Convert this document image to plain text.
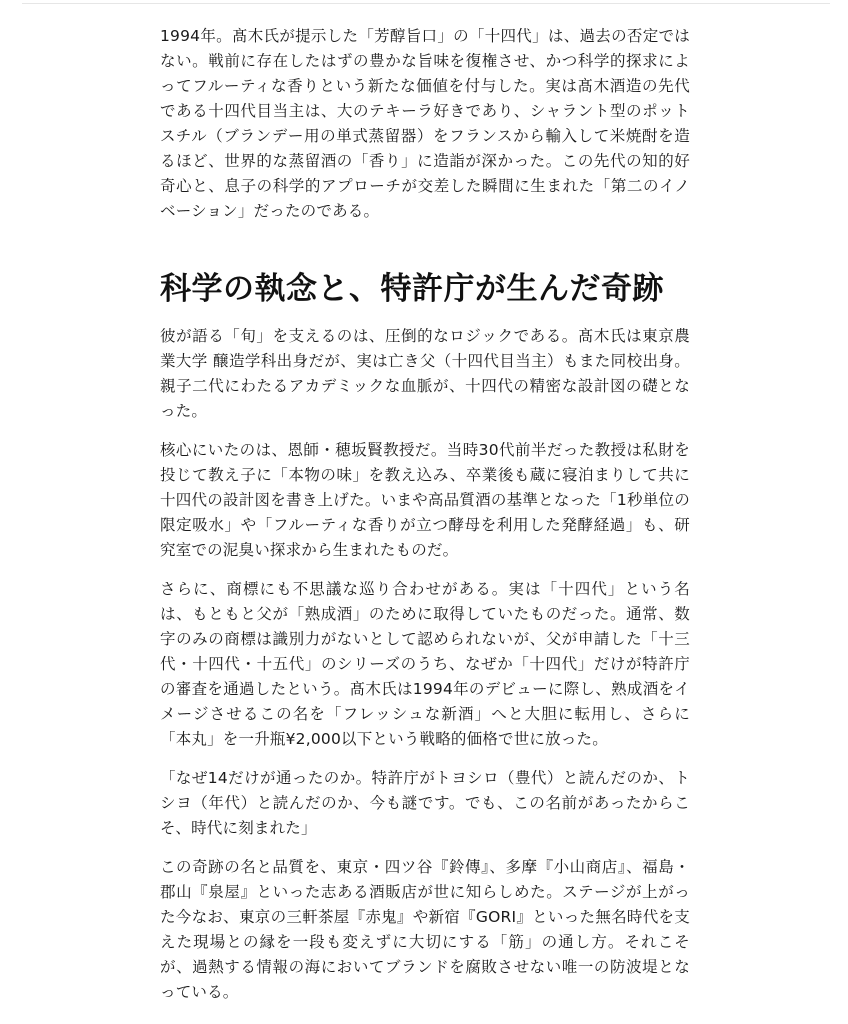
1994年。髙木氏が提示した「芳醇旨口」の「十四代」は、過去の否定ではない。戦前に存在したはずの豊かな旨味を復権させ、かつ科学的探求によってフルーティな香りという新たな価値を付与した。実は髙木酒造の先代である十四代目当主は、大のテキーラ好きであり、シャラント型のポットスチル（ブランデー用の単式蒸留器）をフランスから輸入して米焼酎を造るほど、世界的な蒸留酒の「香り」に造詣が深かった。この先代の知的好奇心と、息子の科学的アプローチが交差した瞬間に生まれた「第二のイノベーション」だったのである。

科学の執念と、特許庁が生んだ奇跡

彼が語る「旬」を支えるのは、圧倒的なロジックである。髙木氏は東京農業大学 醸造学科出身だが、実は亡き父（十四代目当主）もまた同校出身。親子二代にわたるアカデミックな血脈が、十四代の精密な設計図の礎となった。

核心にいたのは、恩師・穂坂賢教授だ。当時30代前半だった教授は私財を投じて教え子に「本物の味」を教え込み、卒業後も蔵に寝泊まりして共に十四代の設計図を書き上げた。いまや高品質酒の基準となった「1秒単位の限定吸水」や「フルーティな香りが立つ酵母を利用した発酵経過」も、研究室での泥臭い探求から生まれたものだ。

さらに、商標にも不思議な巡り合わせがある。実は「十四代」という名は、もともと父が「熟成酒」のために取得していたものだった。通常、数字のみの商標は識別力がないとして認められないが、父が申請した「十三代・十四代・十五代」のシリーズのうち、なぜか「十四代」だけが特許庁の審査を通過したという。髙木氏は1994年のデビューに際し、熟成酒をイメージさせるこの名を「フレッシュな新酒」へと大胆に転用し、さらに「本丸」を一升瓶¥2,000以下という戦略的価格で世に放った。

「なぜ14だけが通ったのか。特許庁がトヨシロ（豊代）と読んだのか、トシヨ（年代）と読んだのか、今も謎です。でも、この名前があったからこそ、時代に刻まれた」

この奇跡の名と品質を、東京・四ツ谷『鈴傳』、多摩『小山商店』、福島・郡山『泉屋』といった志ある酒販店が世に知らしめた。ステージが上がった今なお、東京の三軒茶屋『赤鬼』や新宿『GORI』といった無名時代を支えた現場との縁を一段も変えずに大切にする「筋」の通し方。それこそが、過熱する情報の海においてブランドを腐敗させない唯一の防波堤となっている。
